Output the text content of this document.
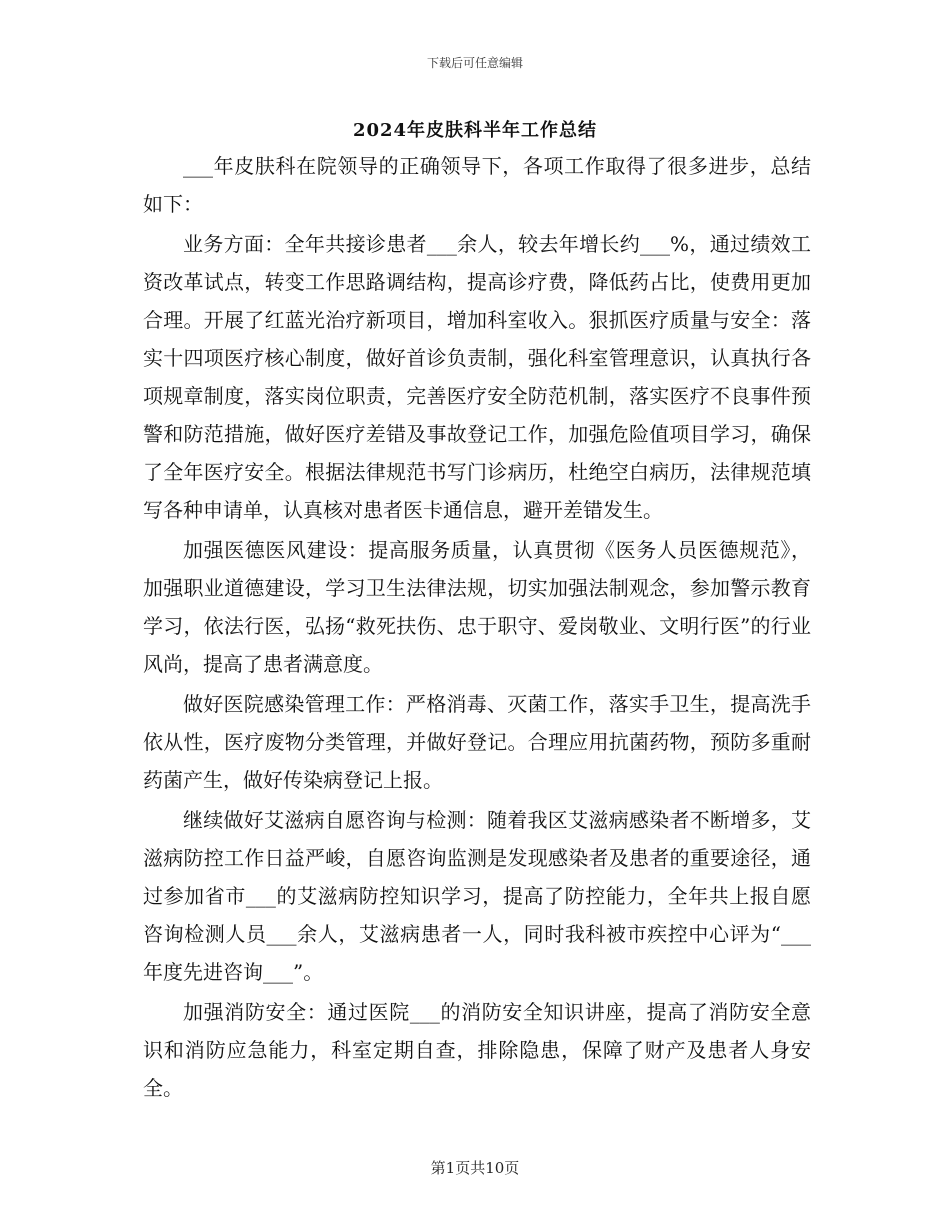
下载后可任意编辑
2024年皮肤科半年工作总结

___年皮肤科在院领导的正确领导下，各项工作取得了很多进步，总结如下：

业务方面：全年共接诊患者___余人，较去年增长约___%，通过绩效工资改革试点，转变工作思路调结构，提高诊疗费，降低药占比，使费用更加合理。开展了红蓝光治疗新项目，增加科室收入。狠抓医疗质量与安全：落实十四项医疗核心制度，做好首诊负责制，强化科室管理意识，认真执行各项规章制度，落实岗位职责，完善医疗安全防范机制，落实医疗不良事件预警和防范措施，做好医疗差错及事故登记工作，加强危险值项目学习，确保了全年医疗安全。根据法律规范书写门诊病历，杜绝空白病历，法律规范填写各种申请单，认真核对患者医卡通信息，避开差错发生。

加强医德医风建设：提高服务质量，认真贯彻《医务人员医德规范》，加强职业道德建设，学习卫生法律法规，切实加强法制观念，参加警示教育学习，依法行医，弘扬“救死扶伤、忠于职守、爱岗敬业、文明行医”的行业风尚，提高了患者满意度。

做好医院感染管理工作：严格消毒、灭菌工作，落实手卫生，提高洗手依从性，医疗废物分类管理，并做好登记。合理应用抗菌药物，预防多重耐药菌产生，做好传染病登记上报。

继续做好艾滋病自愿咨询与检测：随着我区艾滋病感染者不断增多，艾滋病防控工作日益严峻，自愿咨询监测是发现感染者及患者的重要途径，通过参加省市___的艾滋病防控知识学习，提高了防控能力，全年共上报自愿咨询检测人员___余人，艾滋病患者一人，同时我科被市疾控中心评为“___年度先进咨询___”。

加强消防安全：通过医院___的消防安全知识讲座，提高了消防安全意识和消防应急能力，科室定期自查，排除隐患，保障了财产及患者人身安全。

第1页共10页
